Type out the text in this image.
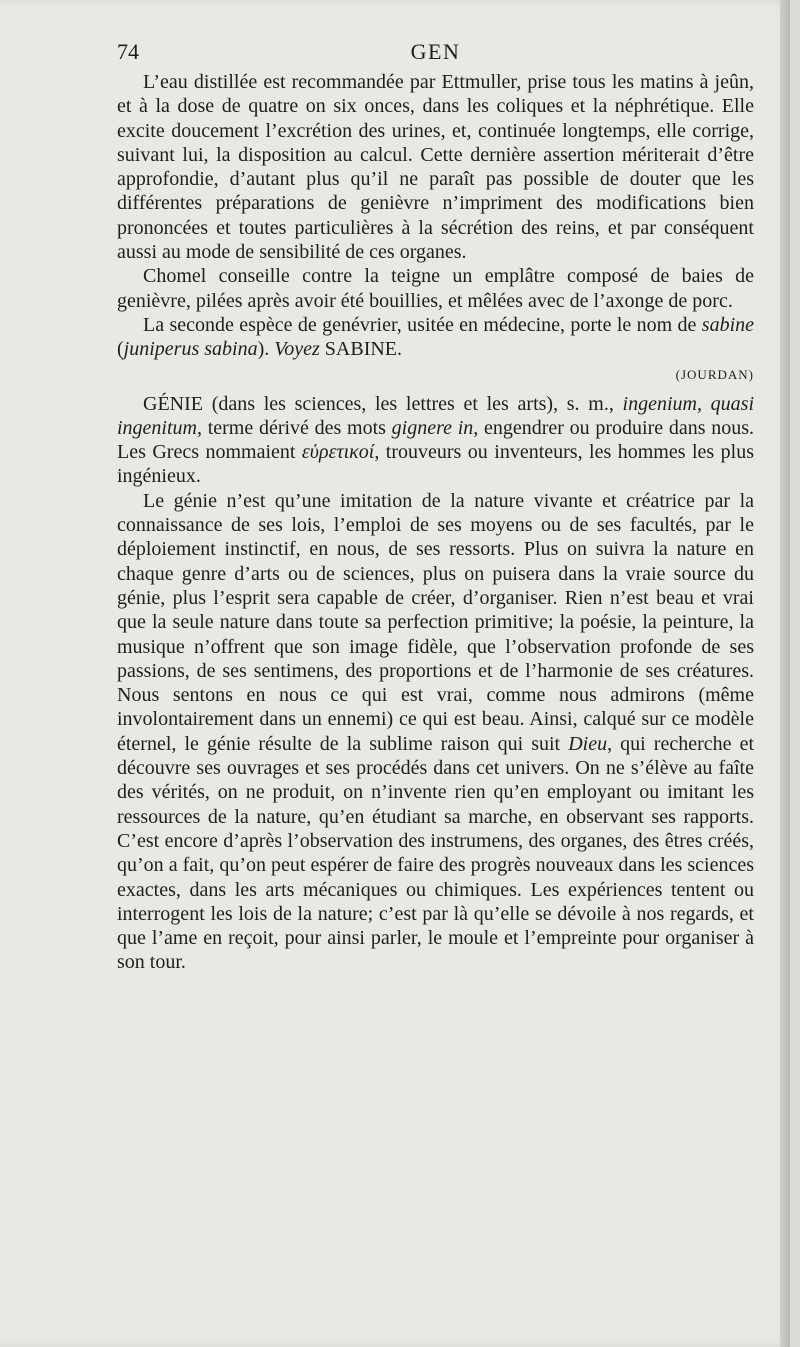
74	GEN

L’eau distillée est recommandée par Ettmuller, prise tous les matins à jeûn, et à la dose de quatre on six onces, dans les coliques et la néphrétique. Elle excite doucement l’excrétion des urines, et, continuée longtemps, elle corrige, suivant lui, la disposition au calcul. Cette dernière assertion mériterait d’être approfondie, d’autant plus qu’il ne paraît pas possible de douter que les différentes préparations de genièvre n’impriment des modifications bien prononcées et toutes particulières à la sécrétion des reins, et par conséquent aussi au mode de sensibilité de ces organes.

Chomel conseille contre la teigne un emplâtre composé de baies de genièvre, pilées après avoir été bouillies, et mêlées avec de l’axonge de porc.

La seconde espèce de genévrier, usitée en médecine, porte le nom de sabine (juniperus sabina). Voyez SABINE.

(JOURDAN)

GÉNIE (dans les sciences, les lettres et les arts), s. m., ingenium, quasi ingenitum, terme dérivé des mots gignere in, engendrer ou produire dans nous. Les Grecs nommaient εὑρετικοί, trouveurs ou inventeurs, les hommes les plus ingénieux.

Le génie n’est qu’une imitation de la nature vivante et créatrice par la connaissance de ses lois, l’emploi de ses moyens ou de ses facultés, par le déploiement instinctif, en nous, de ses ressorts. Plus on suivra la nature en chaque genre d’arts ou de sciences, plus on puisera dans la vraie source du génie, plus l’esprit sera capable de créer, d’organiser. Rien n’est beau et vrai que la seule nature dans toute sa perfection primitive; la poésie, la peinture, la musique n’offrent que son image fidèle, que l’observation profonde de ses passions, de ses sentimens, des proportions et de l’harmonie de ses créatures. Nous sentons en nous ce qui est vrai, comme nous admirons (même involontairement dans un ennemi) ce qui est beau. Ainsi, calqué sur ce modèle éternel, le génie résulte de la sublime raison qui suit Dieu, qui recherche et découvre ses ouvrages et ses procédés dans cet univers. On ne s’élève au faîte des vérités, on ne produit, on n’invente rien qu’en employant ou imitant les ressources de la nature, qu’en étudiant sa marche, en observant ses rapports. C’est encore d’après l’observation des instrumens, des organes, des êtres créés, qu’on a fait, qu’on peut espérer de faire des progrès nouveaux dans les sciences exactes, dans les arts mécaniques ou chimiques. Les expériences tentent ou interrogent les lois de la nature; c’est par là qu’elle se dévoile à nos regards, et que l’ame en reçoit, pour ainsi parler, le moule et l’empreinte pour organiser à son tour.
